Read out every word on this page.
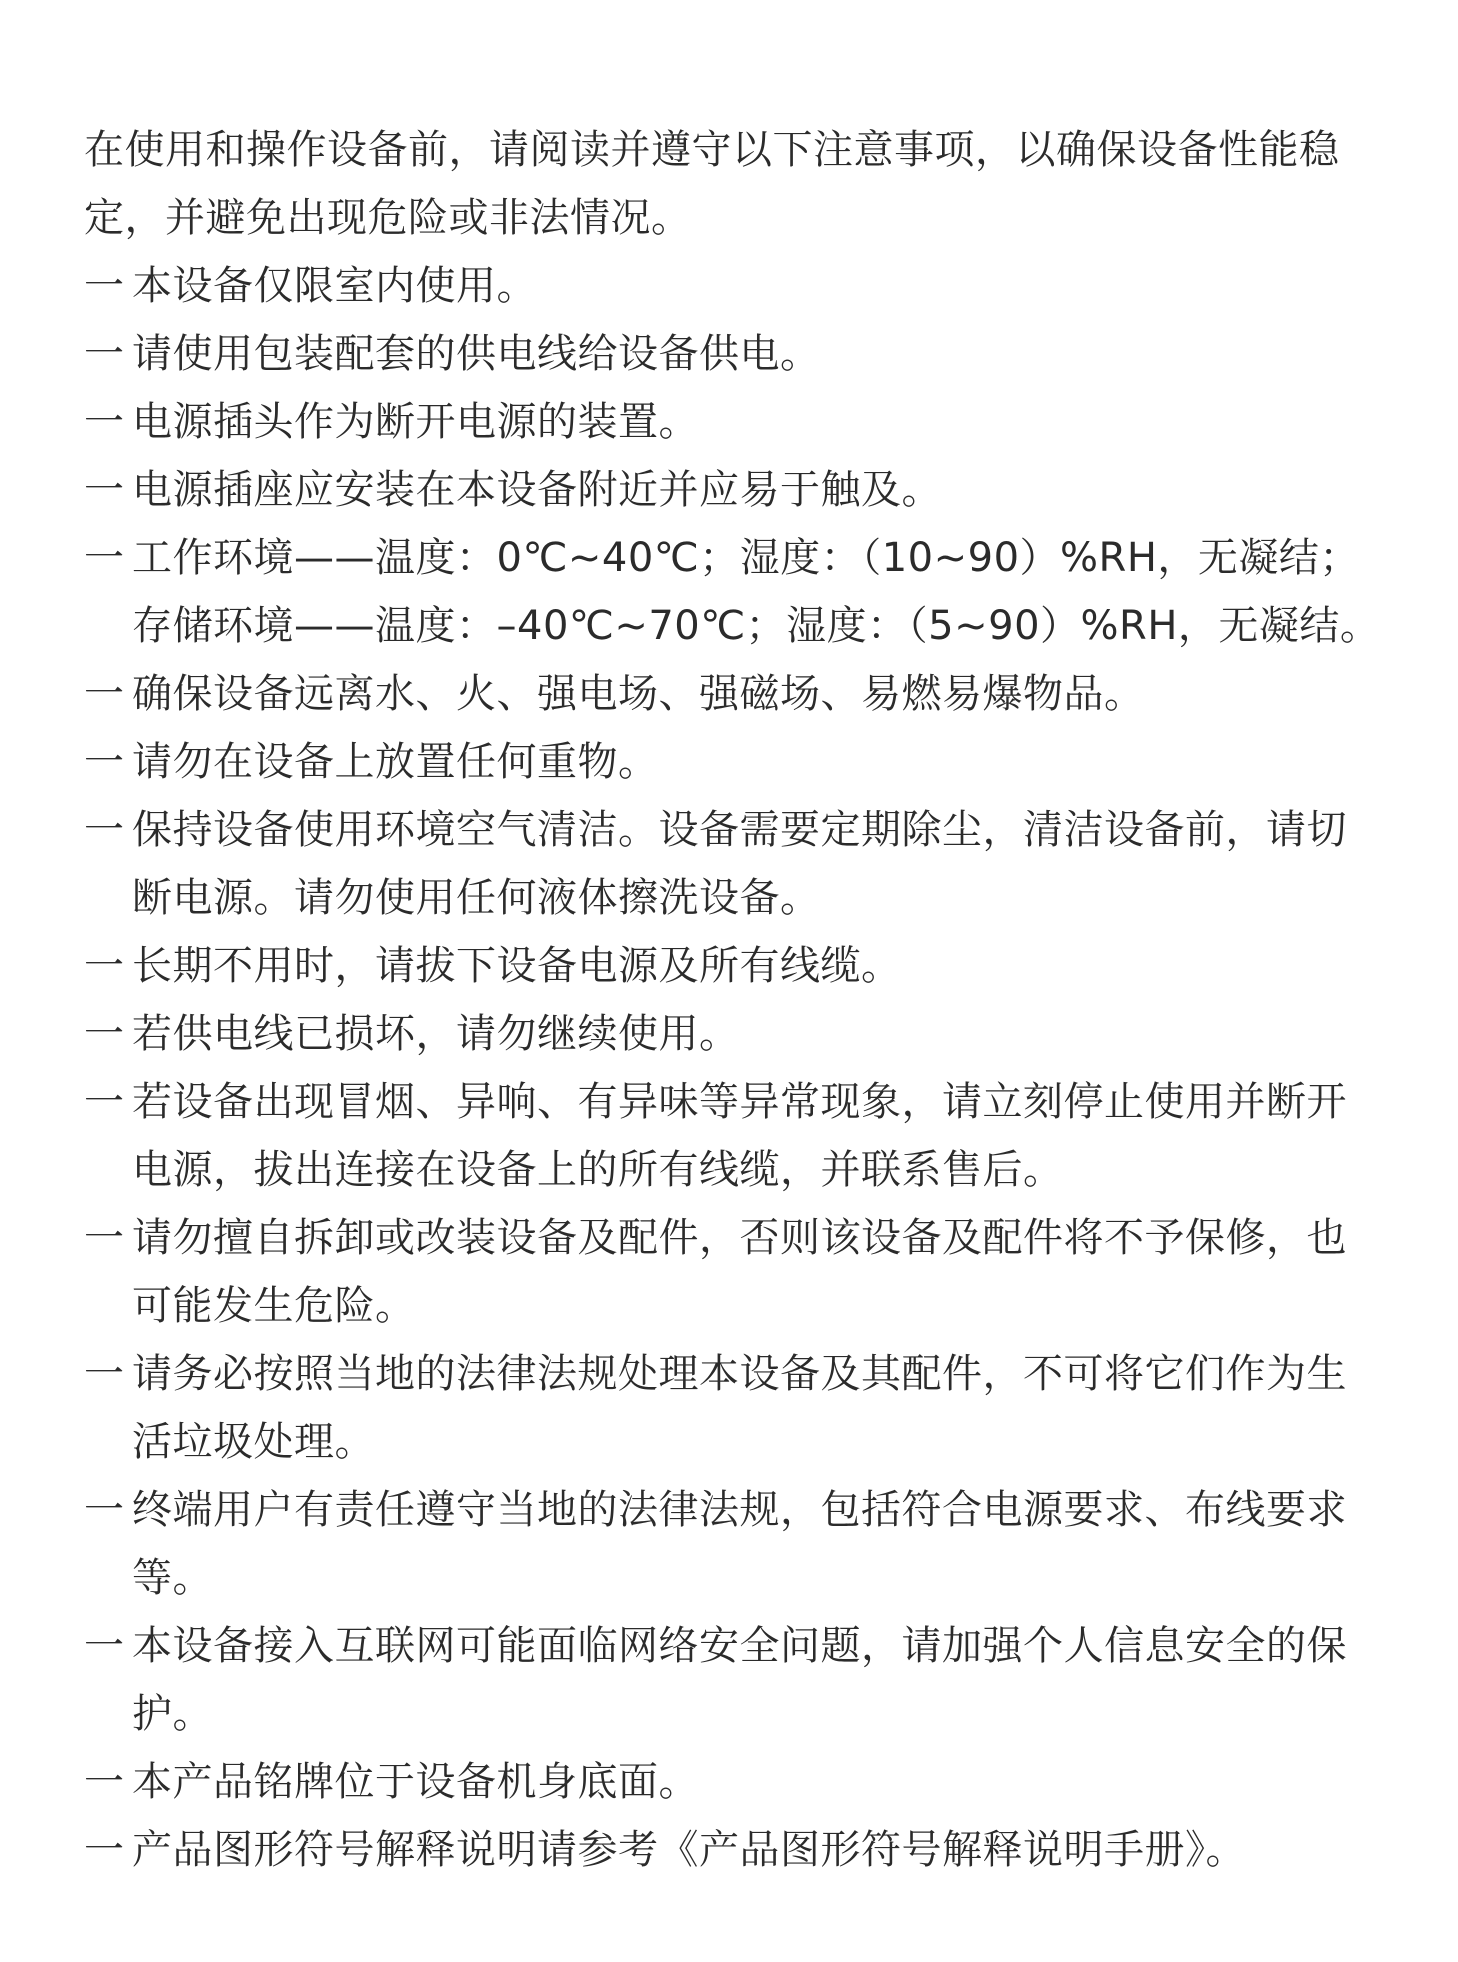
在使用和操作设备前，请阅读并遵守以下注意事项，以确保设备性能稳定，并避免出现危险或非法情况。

一 本设备仅限室内使用。
一 请使用包装配套的供电线给设备供电。
一 电源插头作为断开电源的装置。
一 电源插座应安装在本设备附近并应易于触及。
一 工作环境——温度：0℃~40℃；湿度：（10~90）%RH，无凝结；存储环境——温度：–40℃~70℃；湿度：（5~90）%RH，无凝结。
一 确保设备远离水、火、强电场、强磁场、易燃易爆物品。
一 请勿在设备上放置任何重物。
一 保持设备使用环境空气清洁。设备需要定期除尘，清洁设备前，请切断电源。请勿使用任何液体擦洗设备。
一 长期不用时，请拔下设备电源及所有线缆。
一 若供电线已损坏，请勿继续使用。
一 若设备出现冒烟、异响、有异味等异常现象，请立刻停止使用并断开电源，拔出连接在设备上的所有线缆，并联系售后。
一 请勿擅自拆卸或改装设备及配件，否则该设备及配件将不予保修，也可能发生危险。
一 请务必按照当地的法律法规处理本设备及其配件，不可将它们作为生活垃圾处理。
一 终端用户有责任遵守当地的法律法规，包括符合电源要求、布线要求等。
一 本设备接入互联网可能面临网络安全问题，请加强个人信息安全的保护。
一 本产品铭牌位于设备机身底面。
一 产品图形符号解释说明请参考《产品图形符号解释说明手册》。
